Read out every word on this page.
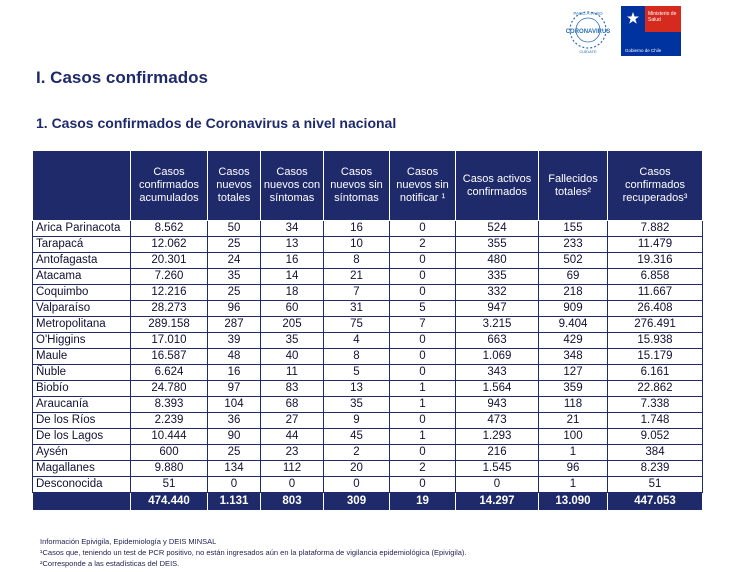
PASO A PASO
CORONAVIRUS
CUÍDATE
Ministerio de
Salud
Gobierno de Chile
I. Casos confirmados
1. Casos confirmados de Coronavirus a nivel nacional
	Casos confirmados acumulados	Casos nuevos totales	Casos nuevos con síntomas	Casos nuevos sin síntomas	Casos nuevos sin notificar ¹	Casos activos confirmados	Fallecidos totales²	Casos confirmados recuperados³
Arica Parinacota	8.562	50	34	16	0	524	155	7.882
Tarapacá	12.062	25	13	10	2	355	233	11.479
Antofagasta	20.301	24	16	8	0	480	502	19.316
Atacama	7.260	35	14	21	0	335	69	6.858
Coquimbo	12.216	25	18	7	0	332	218	11.667
Valparaíso	28.273	96	60	31	5	947	909	26.408
Metropolitana	289.158	287	205	75	7	3.215	9.404	276.491
O'Higgins	17.010	39	35	4	0	663	429	15.938
Maule	16.587	48	40	8	0	1.069	348	15.179
Ñuble	6.624	16	11	5	0	343	127	6.161
Biobío	24.780	97	83	13	1	1.564	359	22.862
Araucanía	8.393	104	68	35	1	943	118	7.338
De los Ríos	2.239	36	27	9	0	473	21	1.748
De los Lagos	10.444	90	44	45	1	1.293	100	9.052
Aysén	600	25	23	2	0	216	1	384
Magallanes	9.880	134	112	20	2	1.545	96	8.239
Desconocida	51	0	0	0	0	0	1	51
	474.440	1.131	803	309	19	14.297	13.090	447.053
Información Epivigila, Epidemiología y DEIS MINSAL
¹Casos que, teniendo un test de PCR positivo, no están ingresados aún en la plataforma de vigilancia epidemiológica (Epivigila).
²Corresponde a las estadísticas del DEIS.
